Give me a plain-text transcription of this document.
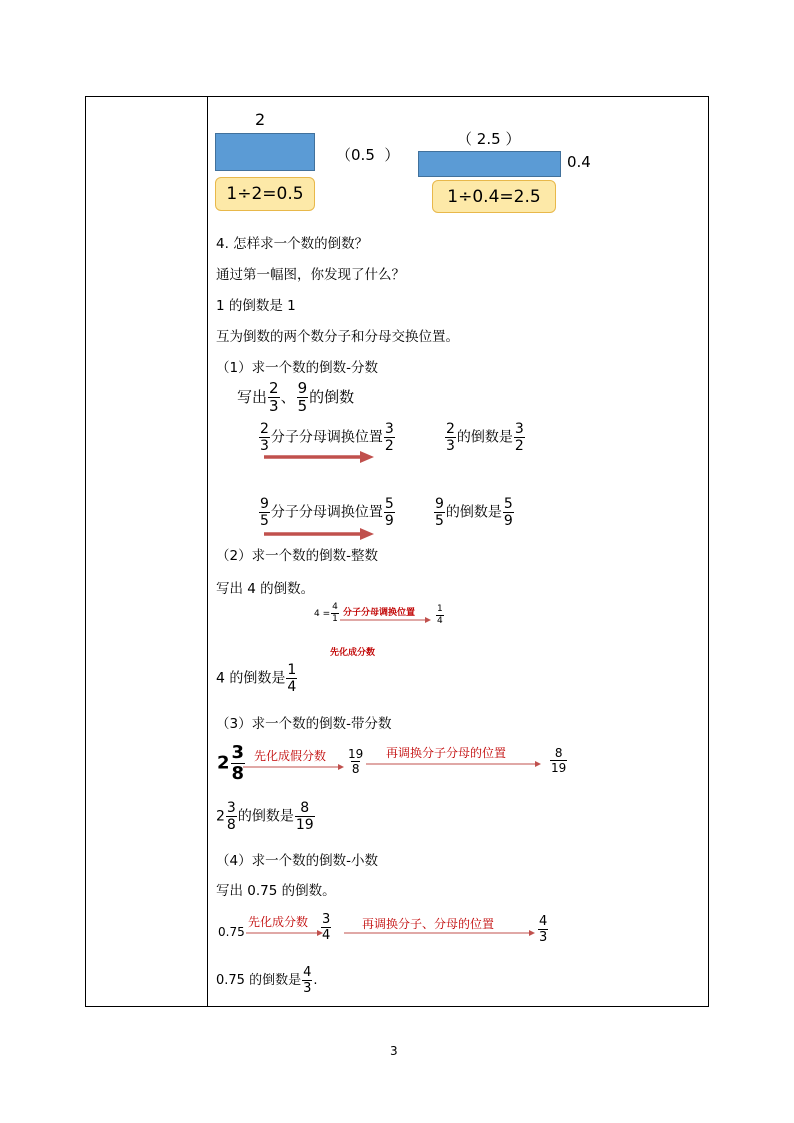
2
1÷2=0.5
（0.5 ）
（ 2.5 ）
0.4
1÷0.4=2.5
4. 怎样求一个数的倒数？
通过第一幅图，你发现了什么？
1 的倒数是 1
互为倒数的两个数分子和分母交换位置。
（1）求一个数的倒数-分数
写出 $\frac{2}{3}$ 、 $\frac{9}{5}$ 的倒数
$\frac{2}{3}$ 分子分母调换位置 $\frac{3}{2}$	$\frac{2}{3}$ 的倒数是 $\frac{3}{2}$
$\frac{9}{5}$ 分子分母调换位置 $\frac{5}{9}$	$\frac{9}{5}$ 的倒数是 $\frac{5}{9}$
（2）求一个数的倒数-整数
写出 4 的倒数。
$4 = \frac{4}{1}$ 分子分母调换位置 $\frac{1}{4}$
先化成分数
4 的倒数是 $\frac{1}{4}$
（3）求一个数的倒数-带分数
$2 \frac{3}{8}$ 先化成假分数 $\frac{19}{8}$ 再调换分子分母的位置	$\frac{8}{19}$
$2 \frac{3}{8}$ 的倒数是 $\frac{8}{19}$
（4）求一个数的倒数-小数
写出 0.75 的倒数。
0.75
先化成分数 $\frac{3}{4}$	再调换分子、分母的位置	$\frac{4}{3}$
0.75 的倒数是 $\frac{4}{3}$ .
3
